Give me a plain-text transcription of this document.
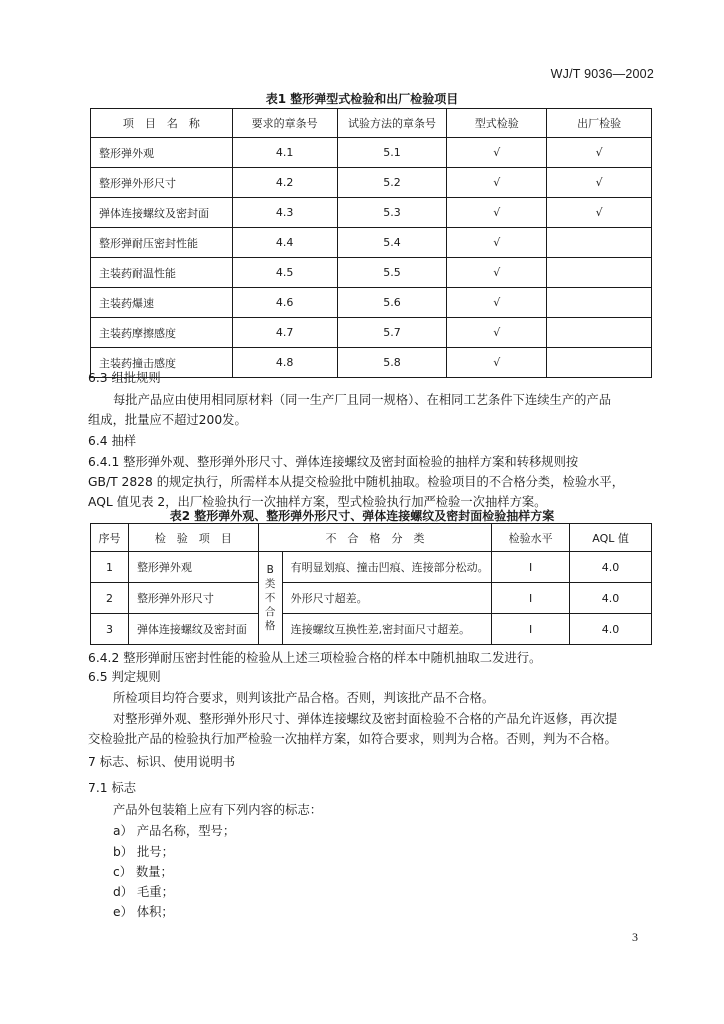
WJ/T 9036—2002
表1 整形弹型式检验和出厂检验项目
项　目　名　称	要求的章条号	试验方法的章条号	型式检验	出厂检验
整形弹外观	4.1	5.1	√	√
整形弹外形尺寸	4.2	5.2	√	√
弹体连接螺纹及密封面	4.3	5.3	√	√
整形弹耐压密封性能	4.4	5.4	√	
主装药耐温性能	4.5	5.5	√	
主装药爆速	4.6	5.6	√	
主装药摩擦感度	4.7	5.7	√	
主装药撞击感度	4.8	5.8	√	
6.3 组批规则
每批产品应由使用相同原材料（同一生产厂且同一规格）、在相同工艺条件下连续生产的产品
组成，批量应不超过200发。
6.4 抽样
6.4.1 整形弹外观、整形弹外形尺寸、弹体连接螺纹及密封面检验的抽样方案和转移规则按
GB/T 2828 的规定执行，所需样本从提交检验批中随机抽取。检验项目的不合格分类，检验水平，
AQL 值见表 2，出厂检验执行一次抽样方案，型式检验执行加严检验一次抽样方案。
表2 整形弹外观、整形弹外形尺寸、弹体连接螺纹及密封面检验抽样方案
序号	检　验　项　目	不　合　格　分　类		检验水平	AQL 值
1	整形弹外观	B类不合格	有明显划痕、撞击凹痕、连接部分松动。	Ⅰ	4.0
2	整形弹外形尺寸		外形尺寸超差。	Ⅰ	4.0
3	弹体连接螺纹及密封面		连接螺纹互换性差,密封面尺寸超差。	Ⅰ	4.0
6.4.2 整形弹耐压密封性能的检验从上述三项检验合格的样本中随机抽取二发进行。
6.5 判定规则
所检项目均符合要求，则判该批产品合格。否则，判该批产品不合格。
对整形弹外观、整形弹外形尺寸、弹体连接螺纹及密封面检验不合格的产品允许返修，再次提
交检验批产品的检验执行加严检验一次抽样方案，如符合要求，则判为合格。否则，判为不合格。
7 标志、标识、使用说明书
7.1 标志
产品外包装箱上应有下列内容的标志：
a） 产品名称，型号；
b） 批号；
c） 数量；
d） 毛重；
e） 体积；
3
